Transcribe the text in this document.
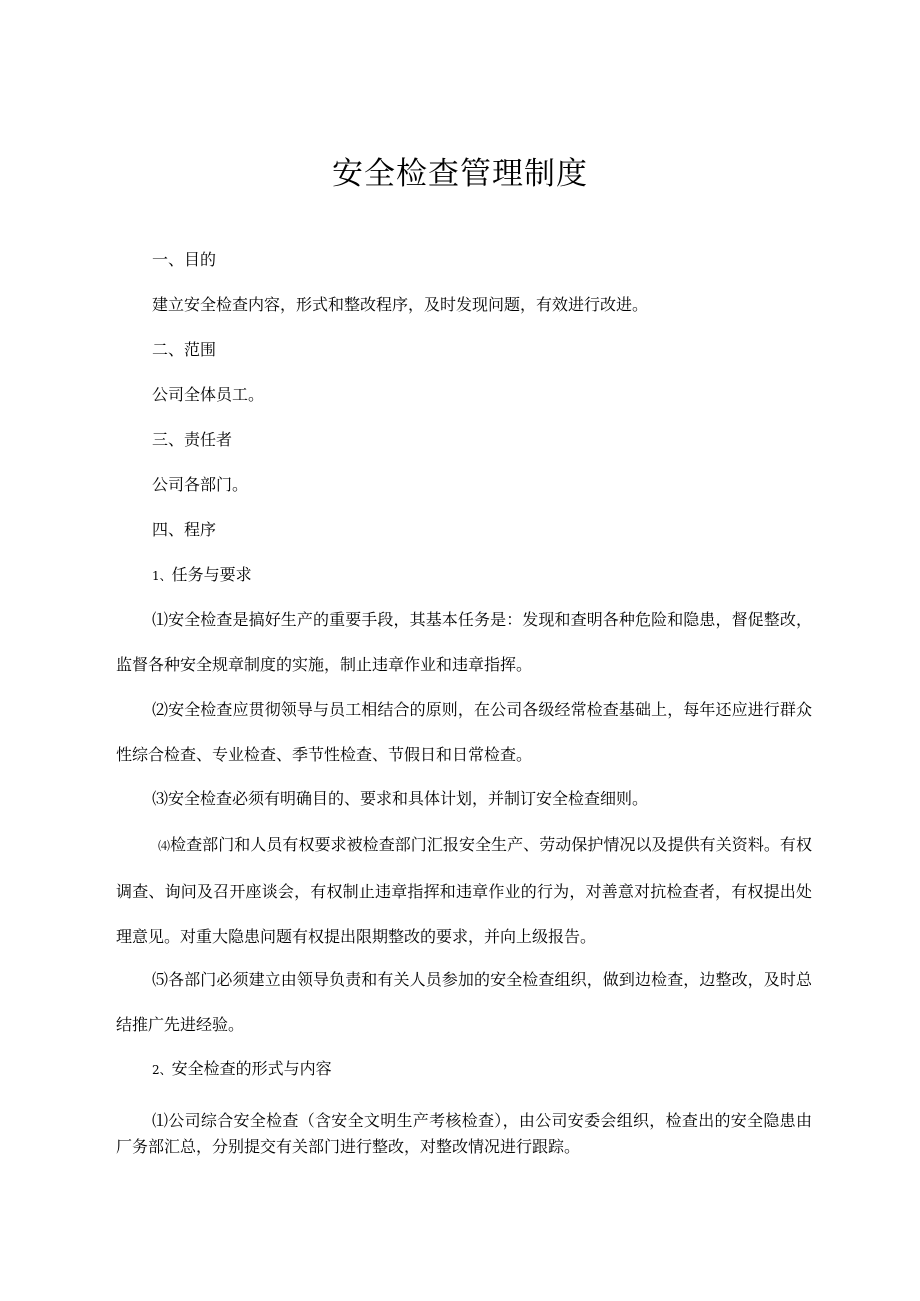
安全检查管理制度
一、目的
建立安全检查内容，形式和整改程序，及时发现问题，有效进行改进。
二、范围
公司全体员工。
三、责任者
公司各部门。
四、程序
1、任务与要求
⑴安全检查是搞好生产的重要手段，其基本任务是：发现和查明各种危险和隐患，督促整改，监督各种安全规章制度的实施，制止违章作业和违章指挥。
⑵安全检查应贯彻领导与员工相结合的原则，在公司各级经常检查基础上，每年还应进行群众性综合检查、专业检查、季节性检查、节假日和日常检查。
⑶安全检查必须有明确目的、要求和具体计划，并制订安全检查细则。
⑷检查部门和人员有权要求被检查部门汇报安全生产、劳动保护情况以及提供有关资料。有权调查、询问及召开座谈会，有权制止违章指挥和违章作业的行为，对善意对抗检查者，有权提出处理意见。对重大隐患问题有权提出限期整改的要求，并向上级报告。
⑸各部门必须建立由领导负责和有关人员参加的安全检查组织，做到边检查，边整改，及时总结推广先进经验。
2、安全检查的形式与内容
⑴公司综合安全检查（含安全文明生产考核检查），由公司安委会组织，检查出的安全隐患由厂务部汇总，分别提交有关部门进行整改，对整改情况进行跟踪。
